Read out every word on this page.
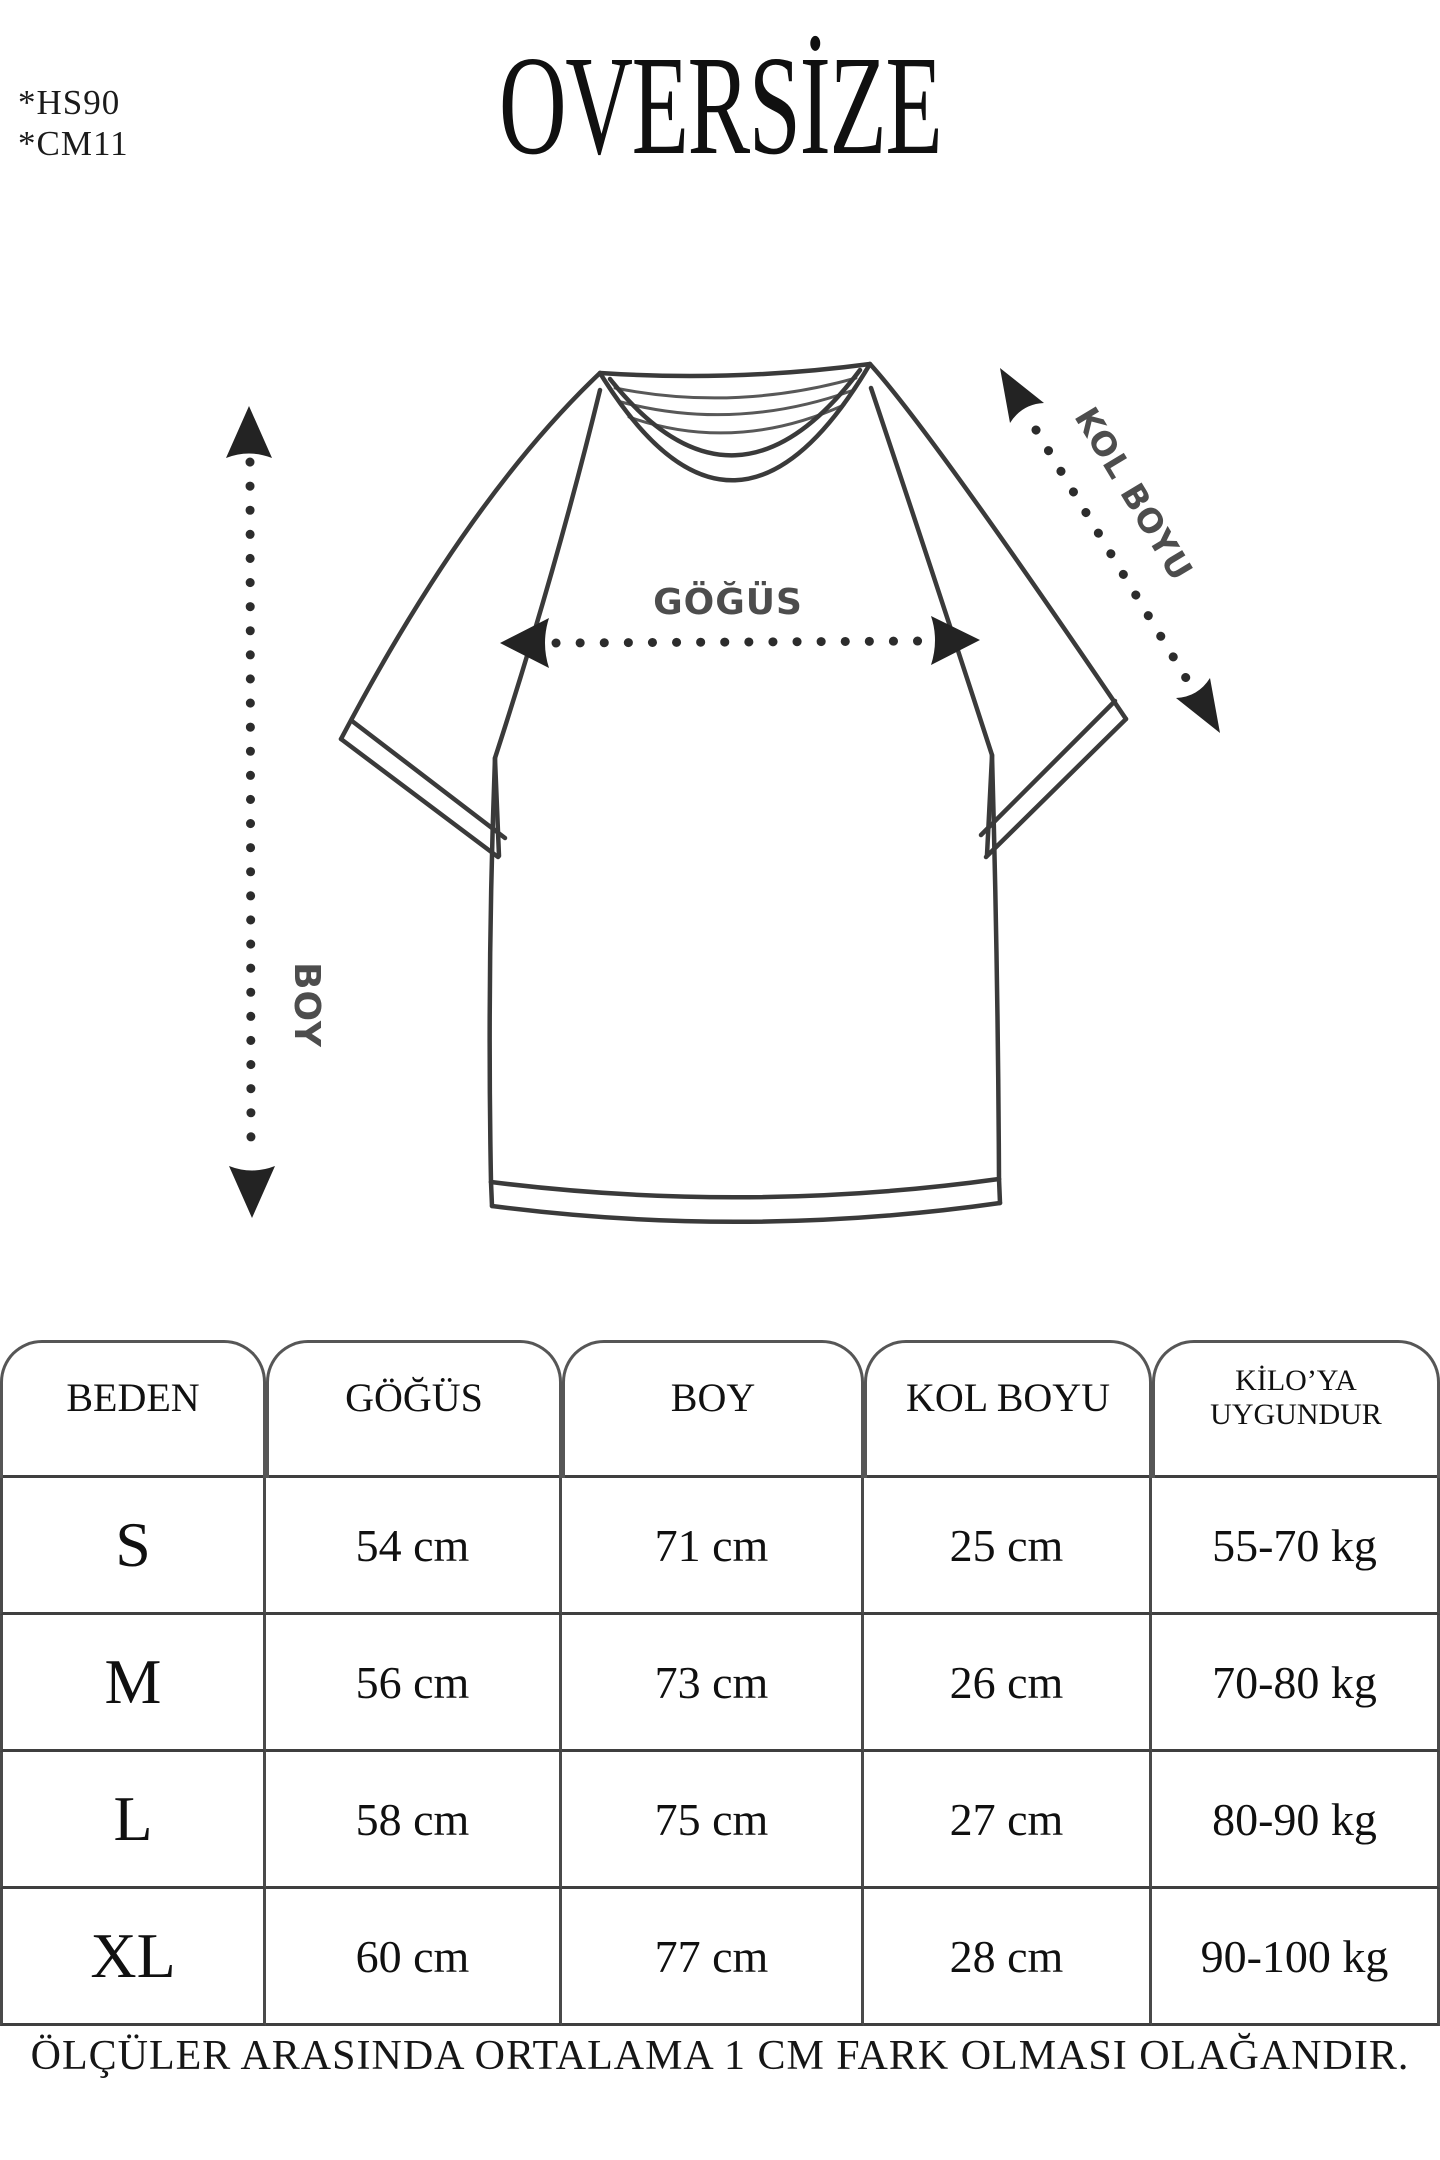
*HS90
*CM11	OVERSİZE
GÖĞÜS
BOY
KOL BOYU
BEDEN	GÖĞÜS	BOY	KOL BOYU	KİLO’YA UYGUNDUR
S	54 cm	71 cm	25 cm	55-70 kg
M	56 cm	73 cm	26 cm	70-80 kg
L	58 cm	75 cm	27 cm	80-90 kg
XL	60 cm	77 cm	28 cm	90-100 kg
ÖLÇÜLER ARASINDA ORTALAMA 1 CM FARK OLMASI OLAĞANDIR.
